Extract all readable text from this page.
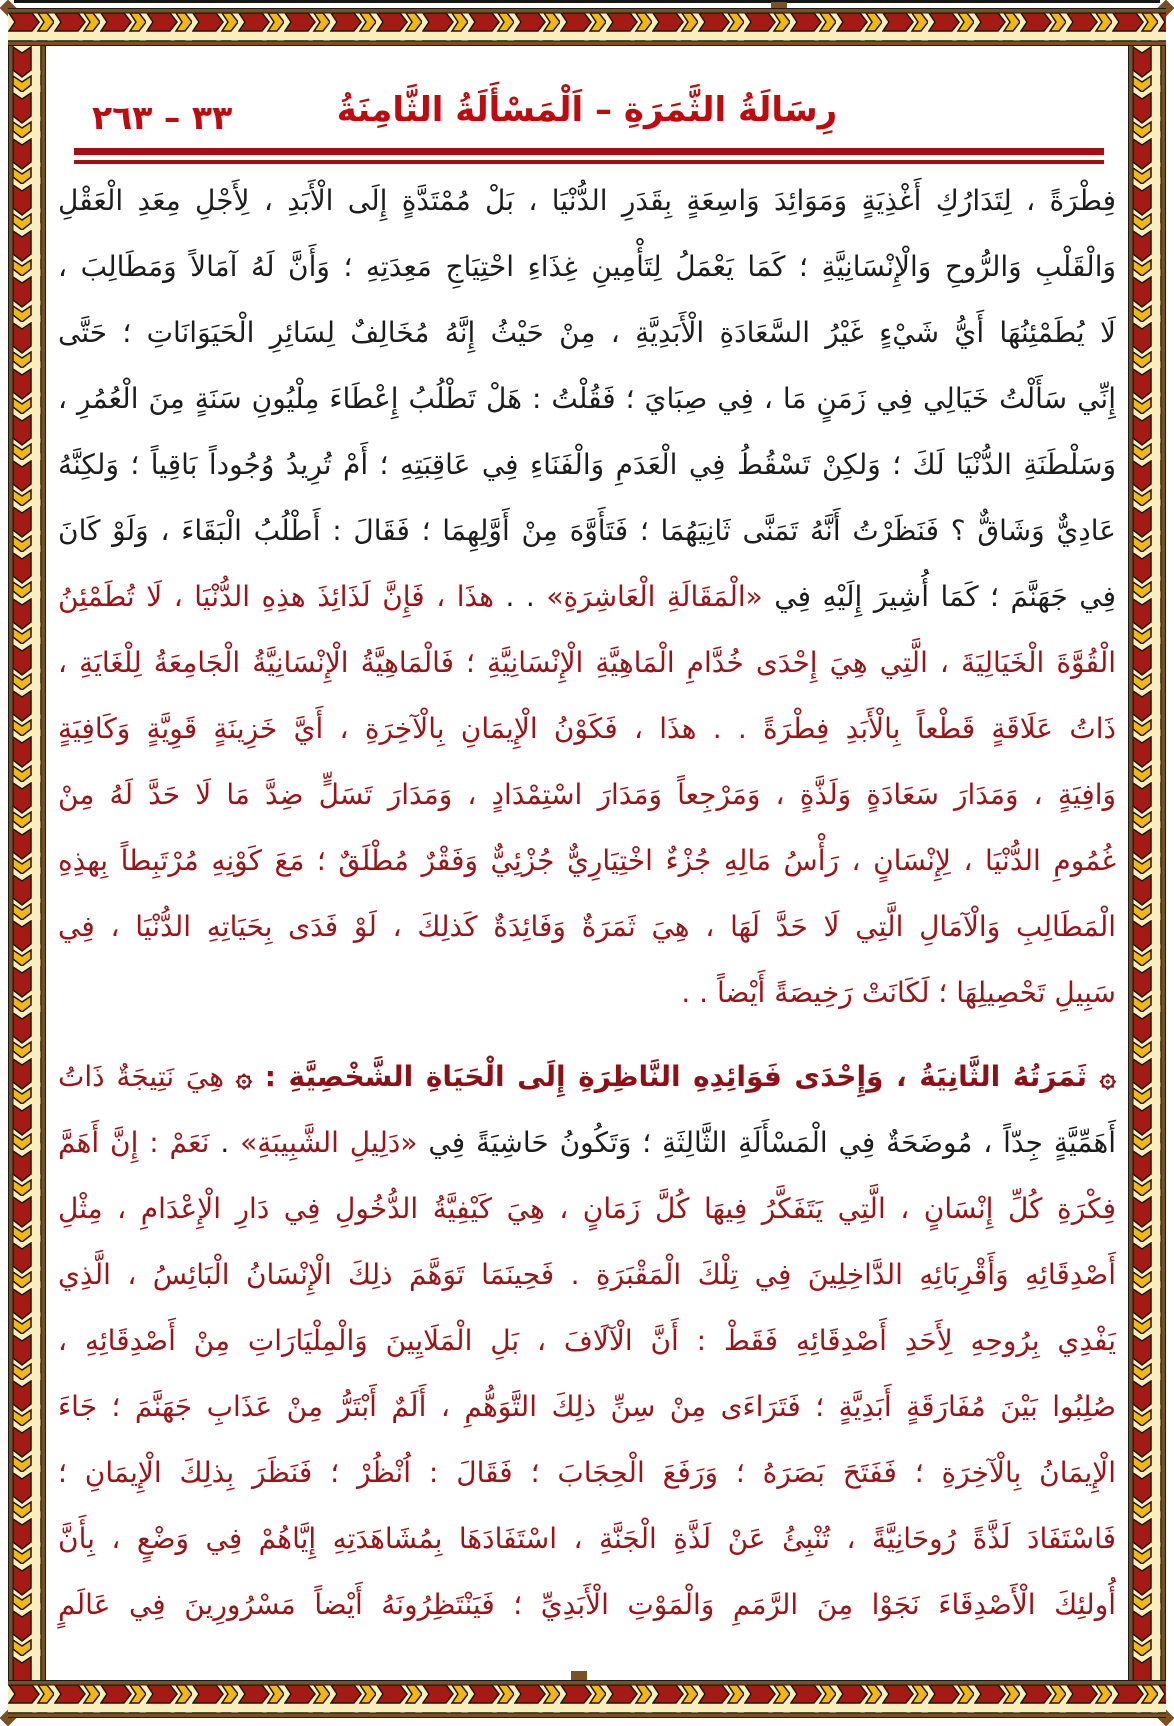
٣٣ – ٢٦٣	رِسَالَةُ الثَّمَرَةِ – اَلْمَسْأَلَةُ الثَّامِنَةُ
فِطْرَةً ، لِتَدَارُكِ أَغْذِيَةٍ وَمَوَائِدَ وَاسِعَةٍ بِقَدَرِ الدُّنْيَا ، بَلْ مُمْتَدَّةٍ إِلَى الْأَبَدِ ، لِأَجْلِ مِعَدِ الْعَقْلِ
وَالْقَلْبِ وَالرُّوحِ وَالْإِنْسَانِيَّةِ ؛ كَمَا يَعْمَلُ لِتَأْمِينِ غِذَاءِ احْتِيَاجِ مَعِدَتِهِ ؛ وَأَنَّ لَهُ آمَالاً وَمَطَالِبَ ،
لَا يُطَمْئِنُهَا أَيُّ شَيْءٍ غَيْرُ السَّعَادَةِ الْأَبَدِيَّةِ ، مِنْ حَيْثُ إِنَّهُ مُخَالِفٌ لِسَائِرِ الْحَيَوَانَاتِ ؛ حَتَّى
إِنِّي سَأَلْتُ خَيَالِي فِي زَمَنٍ مَا ، فِي صِبَايَ ؛ فَقُلْتُ : هَلْ تَطْلُبُ إِعْطَاءَ مِلْيُونِ سَنَةٍ مِنَ الْعُمُرِ ،
وَسَلْطَنَةِ الدُّنْيَا لَكَ ؛ وَلكِنْ تَسْقُطُ فِي الْعَدَمِ وَالْفَنَاءِ فِي عَاقِبَتِهِ ؛ أَمْ تُرِيدُ وُجُوداً بَاقِياً ؛ وَلكِنَّهُ
عَادِيٌّ وَشَاقٌّ ؟ فَنَظَرْتُ أَنَّهُ تَمَنَّى ثَانِيَهُمَا ؛ فَتَأَوَّهَ مِنْ أَوَّلِهِمَا ؛ فَقَالَ : أَطْلُبُ الْبَقَاءَ ، وَلَوْ كَانَ
فِي جَهَنَّمَ ؛ كَمَا أُشِيرَ إِلَيْهِ فِي «الْمَقَالَةِ الْعَاشِرَةِ» . . هذَا ، فَإِنَّ لَذَائِذَ هذِهِ الدُّنْيَا ، لَا تُطَمْئِنُ
الْقُوَّةَ الْخَيَالِيَةَ ، الَّتِي هِيَ إِحْدَى خُدَّامِ الْمَاهِيَّةِ الْإِنْسَانِيَّةِ ؛ فَالْمَاهِيَّةُ الْإِنْسَانِيَّةُ الْجَامِعَةُ لِلْغَايَةِ ،
ذَاتُ عَلَاقَةٍ قَطْعاً بِالْأَبَدِ فِطْرَةً . . هذَا ، فَكَوْنُ الْإِيمَانِ بِالْآخِرَةِ ، أَيَّ خَزِينَةٍ قَوِيَّةٍ وَكَافِيَةٍ
وَافِيَةٍ ، وَمَدَارَ سَعَادَةٍ وَلَذَّةٍ ، وَمَرْجِعاً وَمَدَارَ اسْتِمْدَادٍ ، وَمَدَارَ تَسَلٍّ ضِدَّ مَا لَا حَدَّ لَهُ مِنْ
غُمُومِ الدُّنْيَا ، لِإِنْسَانٍ ، رَأْسُ مَالِهِ جُزْءٌ اخْتِيَارِيٌّ جُزْئِيٌّ وَفَقْرٌ مُطْلَقٌ ؛ مَعَ كَوْنِهِ مُرْتَبِطاً بِهذِهِ
الْمَطَالِبِ وَالْآمَالِ الَّتِي لَا حَدَّ لَهَا ، هِيَ ثَمَرَةٌ وَفَائِدَةٌ كَذلِكَ ، لَوْ فَدَى بِحَيَاتِهِ الدُّنْيَا ، فِي
سَبِيلِ تَحْصِيلِهَا ؛ لَكَانَتْ رَخِيصَةً أَيْضاً . .
۞ ثَمَرَتُهُ الثَّانِيَةُ ، وَإِحْدَى فَوَائِدِهِ النَّاظِرَةِ إِلَى الْحَيَاةِ الشَّخْصِيَّةِ : ۞ هِيَ نَتِيجَةٌ ذَاتُ
أَهَمِّيَّةٍ جِدّاً ، مُوضَحَةٌ فِي الْمَسْأَلَةِ الثَّالِثَةِ ؛ وَتَكُونُ حَاشِيَةً فِي «دَلِيلِ الشَّبِيبَةِ» . نَعَمْ : إِنَّ أَهَمَّ
فِكْرَةِ كُلِّ إِنْسَانٍ ، الَّتِي يَتَفَكَّرُ فِيهَا كُلَّ زَمَانٍ ، هِيَ كَيْفِيَّةُ الدُّخُولِ فِي دَارِ الْإِعْدَامِ ، مِثْلِ
أَصْدِقَائِهِ وَأَقْرِبَائِهِ الدَّاخِلِينَ فِي تِلْكَ الْمَقْبَرَةِ . فَحِينَمَا تَوَهَّمَ ذلِكَ الْإِنْسَانُ الْبَائِسُ ، الَّذِي
يَفْدِي بِرُوحِهِ لِأَحَدِ أَصْدِقَائِهِ فَقَطْ : أَنَّ الْآلَافَ ، بَلِ الْمَلَايِينَ وَالْمِلْيَارَاتِ مِنْ أَصْدِقَائِهِ ،
صُلِبُوا بَيْنَ مُفَارَقَةٍ أَبَدِيَّةٍ ؛ فَتَرَاءَى مِنْ سِنِّ ذلِكَ التَّوَهُّمِ ، أَلَمٌ أَبْتَرُّ مِنْ عَذَابِ جَهَنَّمَ ؛ جَاءَ
الْإِيمَانُ بِالْآخِرَةِ ؛ فَفَتَحَ بَصَرَهُ ؛ وَرَفَعَ الْحِجَابَ ؛ فَقَالَ : اُنْظُرْ ؛ فَنَظَرَ بِذلِكَ الْإِيمَانِ ؛
فَاسْتَفَادَ لَذَّةً رُوحَانِيَّةً ، تُنْبِئُ عَنْ لَذَّةِ الْجَنَّةِ ، اسْتَفَادَهَا بِمُشَاهَدَتِهِ إِيَّاهُمْ فِي وَضْعٍ ، بِأَنَّ
أُولئِكَ الْأَصْدِقَاءَ نَجَوْا مِنَ الرَّمَمِ وَالْمَوْتِ الْأَبَدِيِّ ؛ فَيَنْتَظِرُونَهُ أَيْضاً مَسْرُورِينَ فِي عَالَمٍ
